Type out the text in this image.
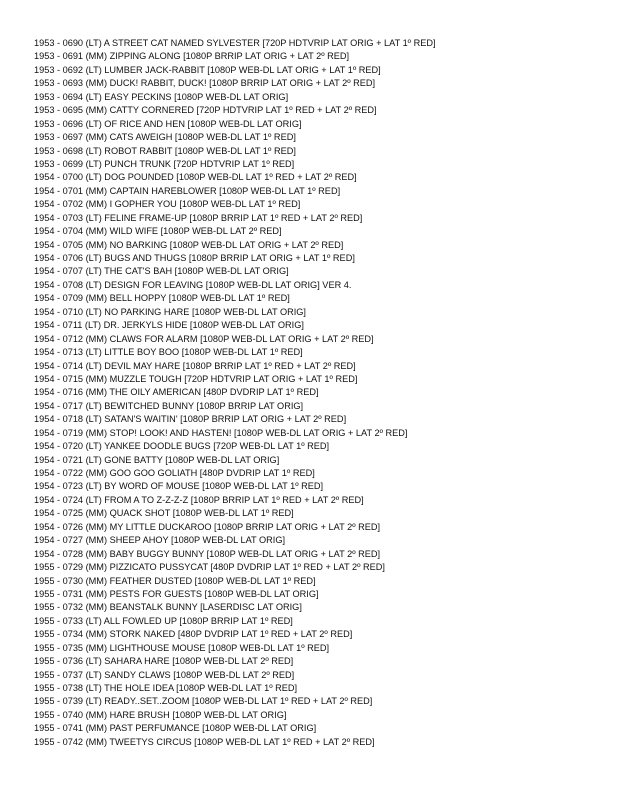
1953 - 0690 (LT) A STREET CAT NAMED SYLVESTER [720P HDTVRIP LAT ORIG + LAT 1º RED]
1953 - 0691 (MM) ZIPPING ALONG [1080P BRRIP LAT ORIG + LAT 2º RED]
1953 - 0692 (LT) LUMBER JACK-RABBIT [1080P WEB-DL LAT ORIG + LAT 1º RED]
1953 - 0693 (MM) DUCK! RABBIT, DUCK! [1080P BRRIP LAT ORIG + LAT 2º RED]
1953 - 0694 (LT) EASY PECKINS [1080P WEB-DL LAT ORIG]
1953 - 0695 (MM) CATTY CORNERED [720P HDTVRIP LAT 1º RED + LAT 2º RED]
1953 - 0696 (LT) OF RICE AND HEN [1080P WEB-DL LAT ORIG]
1953 - 0697 (MM) CATS AWEIGH [1080P WEB-DL LAT 1º RED]
1953 - 0698 (LT) ROBOT RABBIT [1080P WEB-DL LAT 1º RED]
1953 - 0699 (LT) PUNCH TRUNK [720P HDTVRIP LAT 1º RED]
1954 - 0700 (LT) DOG POUNDED [1080P WEB-DL LAT 1º RED + LAT 2º RED]
1954 - 0701 (MM) CAPTAIN HAREBLOWER [1080P WEB-DL LAT 1º RED]
1954 - 0702 (MM) I GOPHER YOU [1080P WEB-DL LAT 1º RED]
1954 - 0703 (LT) FELINE FRAME-UP [1080P BRRIP LAT 1º RED + LAT 2º RED]
1954 - 0704 (MM) WILD WIFE [1080P WEB-DL LAT 2º RED]
1954 - 0705 (MM) NO BARKING [1080P WEB-DL LAT ORIG + LAT 2º RED]
1954 - 0706 (LT) BUGS AND THUGS [1080P BRRIP LAT ORIG + LAT 1º RED]
1954 - 0707 (LT) THE CAT'S BAH [1080P WEB-DL LAT ORIG]
1954 - 0708 (LT) DESIGN FOR LEAVING [1080P WEB-DL LAT ORIG] VER 4.
1954 - 0709 (MM) BELL HOPPY [1080P WEB-DL LAT 1º RED]
1954 - 0710 (LT) NO PARKING HARE [1080P WEB-DL LAT ORIG]
1954 - 0711 (LT) DR. JERKYLS HIDE [1080P WEB-DL LAT ORIG]
1954 - 0712 (MM) CLAWS FOR ALARM [1080P WEB-DL LAT ORIG + LAT 2º RED]
1954 - 0713 (LT) LITTLE BOY BOO [1080P WEB-DL LAT 1º RED]
1954 - 0714 (LT) DEVIL MAY HARE [1080P BRRIP LAT 1º RED + LAT 2º RED]
1954 - 0715 (MM) MUZZLE TOUGH [720P HDTVRIP LAT ORIG + LAT 1º RED]
1954 - 0716 (MM) THE OILY AMERICAN [480P DVDRIP LAT 1º RED]
1954 - 0717 (LT) BEWITCHED BUNNY [1080P BRRIP LAT ORIG]
1954 - 0718 (LT) SATAN'S WAITIN' [1080P BRRIP LAT ORIG + LAT 2º RED]
1954 - 0719 (MM) STOP! LOOK! AND HASTEN! [1080P WEB-DL LAT ORIG + LAT 2º RED]
1954 - 0720 (LT) YANKEE DOODLE BUGS [720P WEB-DL LAT 1º RED]
1954 - 0721 (LT) GONE BATTY [1080P WEB-DL LAT ORIG]
1954 - 0722 (MM) GOO GOO GOLIATH [480P DVDRIP LAT 1º RED]
1954 - 0723 (LT) BY WORD OF MOUSE [1080P WEB-DL LAT 1º RED]
1954 - 0724 (LT) FROM A TO Z-Z-Z-Z [1080P BRRIP LAT 1º RED + LAT 2º RED]
1954 - 0725 (MM) QUACK SHOT [1080P WEB-DL LAT 1º RED]
1954 - 0726 (MM) MY LITTLE DUCKAROO [1080P BRRIP LAT ORIG + LAT 2º RED]
1954 - 0727 (MM) SHEEP AHOY [1080P WEB-DL LAT ORIG]
1954 - 0728 (MM) BABY BUGGY BUNNY [1080P WEB-DL LAT ORIG + LAT 2º RED]
1955 - 0729 (MM) PIZZICATO PUSSYCAT [480P DVDRIP LAT 1º RED + LAT 2º RED]
1955 - 0730 (MM) FEATHER DUSTED [1080P WEB-DL LAT 1º RED]
1955 - 0731 (MM) PESTS FOR GUESTS [1080P WEB-DL LAT ORIG]
1955 - 0732 (MM) BEANSTALK BUNNY [LASERDISC LAT ORIG]
1955 - 0733 (LT) ALL FOWLED UP [1080P BRRIP LAT 1º RED]
1955 - 0734 (MM) STORK NAKED [480P DVDRIP LAT 1º RED + LAT 2º RED]
1955 - 0735 (MM) LIGHTHOUSE MOUSE [1080P WEB-DL LAT 1º RED]
1955 - 0736 (LT) SAHARA HARE [1080P WEB-DL LAT 2º RED]
1955 - 0737 (LT) SANDY CLAWS [1080P WEB-DL LAT 2º RED]
1955 - 0738 (LT) THE HOLE IDEA [1080P WEB-DL LAT 1º RED]
1955 - 0739 (LT) READY..SET..ZOOM [1080P WEB-DL LAT 1º RED + LAT 2º RED]
1955 - 0740 (MM) HARE BRUSH [1080P WEB-DL LAT ORIG]
1955 - 0741 (MM) PAST PERFUMANCE [1080P WEB-DL LAT ORIG]
1955 - 0742 (MM) TWEETYS CIRCUS [1080P WEB-DL LAT 1º RED + LAT 2º RED]
